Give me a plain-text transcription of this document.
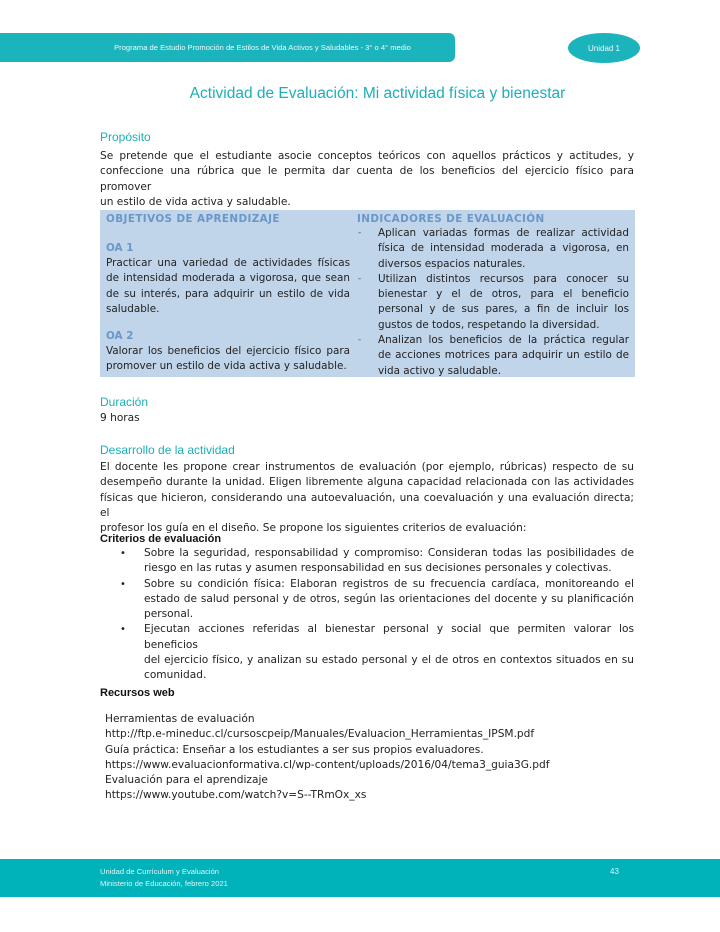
Programa de Estudio Promoción de Estilos de Vida Activos y Saludables - 3° o 4° medio	Unidad 1
Actividad de Evaluación: Mi actividad física y bienestar
Propósito
Se pretende que el estudiante asocie conceptos teóricos con aquellos prácticos y actitudes, y
confeccione una rúbrica que le permita dar cuenta de los beneficios del ejercicio físico para promover
un estilo de vida activa y saludable.
OBJETIVOS DE APRENDIZAJE
OA 1
Practicar una variedad de actividades físicas
de intensidad moderada a vigorosa, que sean
de su interés, para adquirir un estilo de vida
saludable.
OA 2
Valorar los beneficios del ejercicio físico para
promover un estilo de vida activa y saludable.
INDICADORES DE EVALUACIÓN
- Aplican variadas formas de realizar actividad
física de intensidad moderada a vigorosa, en
diversos espacios naturales.
- Utilizan distintos recursos para conocer su
bienestar y el de otros, para el beneficio
personal y de sus pares, a fin de incluir los
gustos de todos, respetando la diversidad.
- Analizan los beneficios de la práctica regular
de acciones motrices para adquirir un estilo de
vida activo y saludable.
Duración
9 horas
Desarrollo de la actividad
El docente les propone crear instrumentos de evaluación (por ejemplo, rúbricas) respecto de su
desempeño durante la unidad. Eligen libremente alguna capacidad relacionada con las actividades
físicas que hicieron, considerando una autoevaluación, una coevaluación y una evaluación directa; el
profesor los guía en el diseño. Se propone los siguientes criterios de evaluación:
Criterios de evaluación
• Sobre la seguridad, responsabilidad y compromiso: Consideran todas las posibilidades de
riesgo en las rutas y asumen responsabilidad en sus decisiones personales y colectivas.
• Sobre su condición física: Elaboran registros de su frecuencia cardíaca, monitoreando el
estado de salud personal y de otros, según las orientaciones del docente y su planificación
personal.
• Ejecutan acciones referidas al bienestar personal y social que permiten valorar los beneficios
del ejercicio físico, y analizan su estado personal y el de otros en contextos situados en su
comunidad.
Recursos web
Herramientas de evaluación
http://ftp.e-mineduc.cl/cursoscpeip/Manuales/Evaluacion_Herramientas_IPSM.pdf
Guía práctica: Enseñar a los estudiantes a ser sus propios evaluadores.
https://www.evaluacionformativa.cl/wp-content/uploads/2016/04/tema3_guia3G.pdf
Evaluación para el aprendizaje
https://www.youtube.com/watch?v=S--TRmOx_xs
Unidad de Currículum y Evaluación
Ministerio de Educación, febrero 2021
43
